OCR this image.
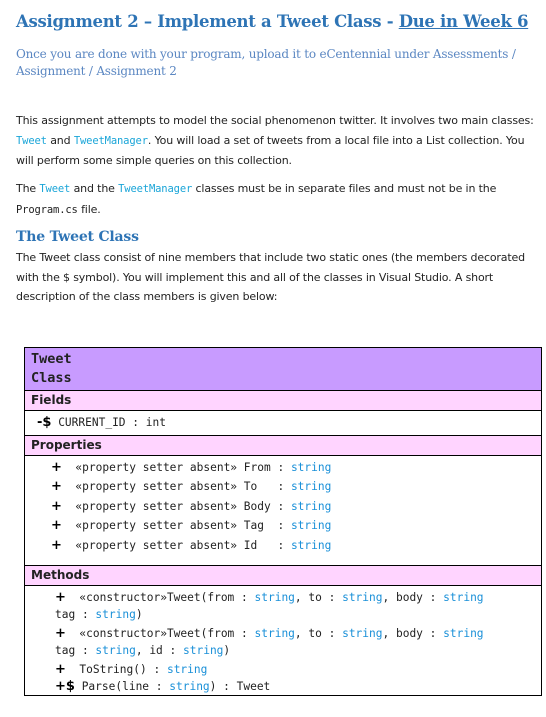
Assignment 2 – Implement a Tweet Class - Due in Week 6
Once you are done with your program, upload it to eCentennial under Assessments / Assignment / Assignment 2
This assignment attempts to model the social phenomenon twitter. It involves two main classes: Tweet and TweetManager. You will load a set of tweets from a local file into a List collection. You will perform some simple queries on this collection.
The Tweet and the TweetManager classes must be in separate files and must not be in the Program.cs file.
The Tweet Class
The Tweet class consist of nine members that include two static ones (the members decorated with the $ symbol). You will implement this and all of the classes in Visual Studio. A short description of the class members is given below:
Tweet
Class
Fields
-$ CURRENT_ID : int
Properties
+ «property setter absent» From : string
+ «property setter absent» To   : string
+ «property setter absent» Body : string
+ «property setter absent» Tag  : string
+ «property setter absent» Id   : string
Methods
+  «constructor»Tweet(from : string, to : string, body : string
tag : string)
+  «constructor»Tweet(from : string, to : string, body : string
tag : string, id : string)
+  ToString() : string
+$ Parse(line : string) : Tweet
